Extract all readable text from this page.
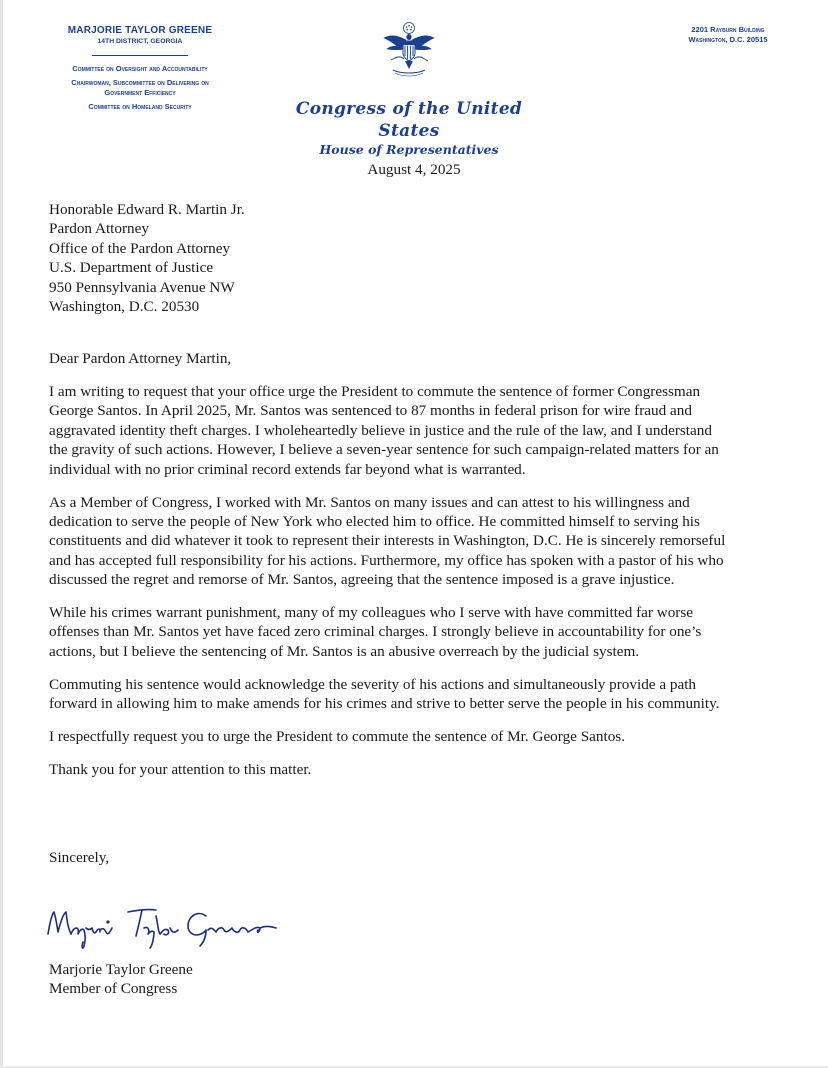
MARJORIE TAYLOR GREENE
14TH DISTRICT, GEORGIA
Committee on Oversight and Accountability
Chairwoman, Subcommittee on Delivering on
Government Efficiency
Committee on Homeland Security
2201 Rayburn Building
Washington, D.C. 20515
Congress of the United States
House of Representatives
August 4, 2025
Honorable Edward R. Martin Jr.
Pardon Attorney
Office of the Pardon Attorney
U.S. Department of Justice
950 Pennsylvania Avenue NW
Washington, D.C. 20530
Dear Pardon Attorney Martin,

I am writing to request that your office urge the President to commute the sentence of former Congressman
George Santos. In April 2025, Mr. Santos was sentenced to 87 months in federal prison for wire fraud and
aggravated identity theft charges. I wholeheartedly believe in justice and the rule of the law, and I understand
the gravity of such actions. However, I believe a seven-year sentence for such campaign-related matters for an
individual with no prior criminal record extends far beyond what is warranted.

As a Member of Congress, I worked with Mr. Santos on many issues and can attest to his willingness and
dedication to serve the people of New York who elected him to office. He committed himself to serving his
constituents and did whatever it took to represent their interests in Washington, D.C. He is sincerely remorseful
and has accepted full responsibility for his actions. Furthermore, my office has spoken with a pastor of his who
discussed the regret and remorse of Mr. Santos, agreeing that the sentence imposed is a grave injustice.

While his crimes warrant punishment, many of my colleagues who I serve with have committed far worse
offenses than Mr. Santos yet have faced zero criminal charges. I strongly believe in accountability for one’s
actions, but I believe the sentencing of Mr. Santos is an abusive overreach by the judicial system.

Commuting his sentence would acknowledge the severity of his actions and simultaneously provide a path
forward in allowing him to make amends for his crimes and strive to better serve the people in his community.

I respectfully request you to urge the President to commute the sentence of Mr. George Santos.

Thank you for your attention to this matter.

Sincerely,
Marjorie Taylor Greene
Member of Congress
